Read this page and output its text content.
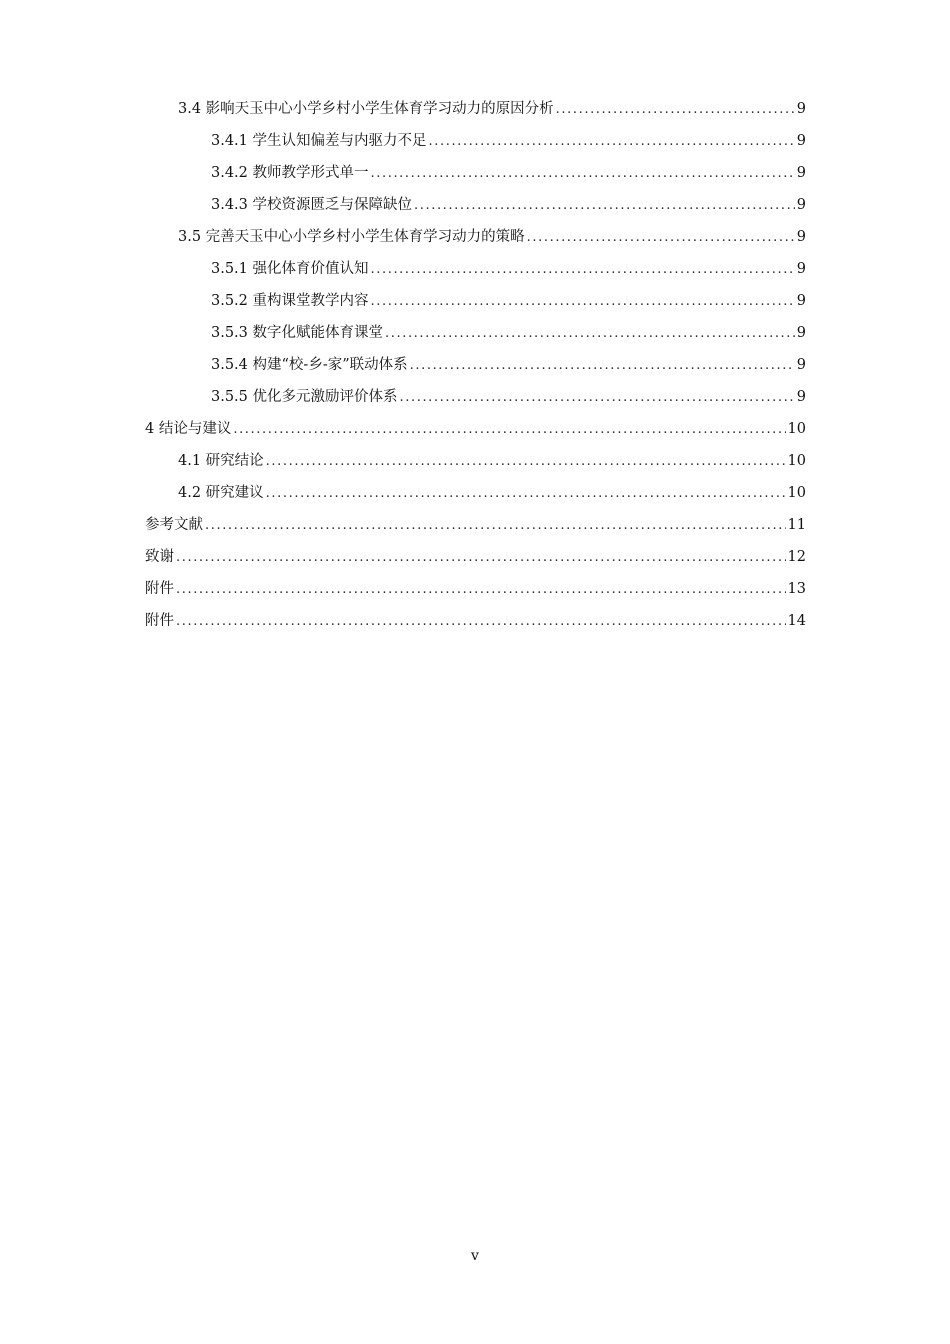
3.4 影响天玉中心小学乡村小学生体育学习动力的原因分析 .....	9
3.4.1 学生认知偏差与内驱力不足 .....	9
3.4.2 教师教学形式单一 .....	9
3.4.3 学校资源匮乏与保障缺位 .....	9
3.5 完善天玉中心小学乡村小学生体育学习动力的策略 .....	9
3.5.1 强化体育价值认知 .....	9
3.5.2 重构课堂教学内容 .....	9
3.5.3 数字化赋能体育课堂 .....	9
3.5.4 构建“校-乡-家”联动体系 .....	9
3.5.5 优化多元激励评价体系 .....	9
4 结论与建议 .....	10
4.1 研究结论 .....	10
4.2 研究建议 .....	10
参考文献 .....	11
致谢 .....	12
附件 .....	13
附件 .....	14
v
